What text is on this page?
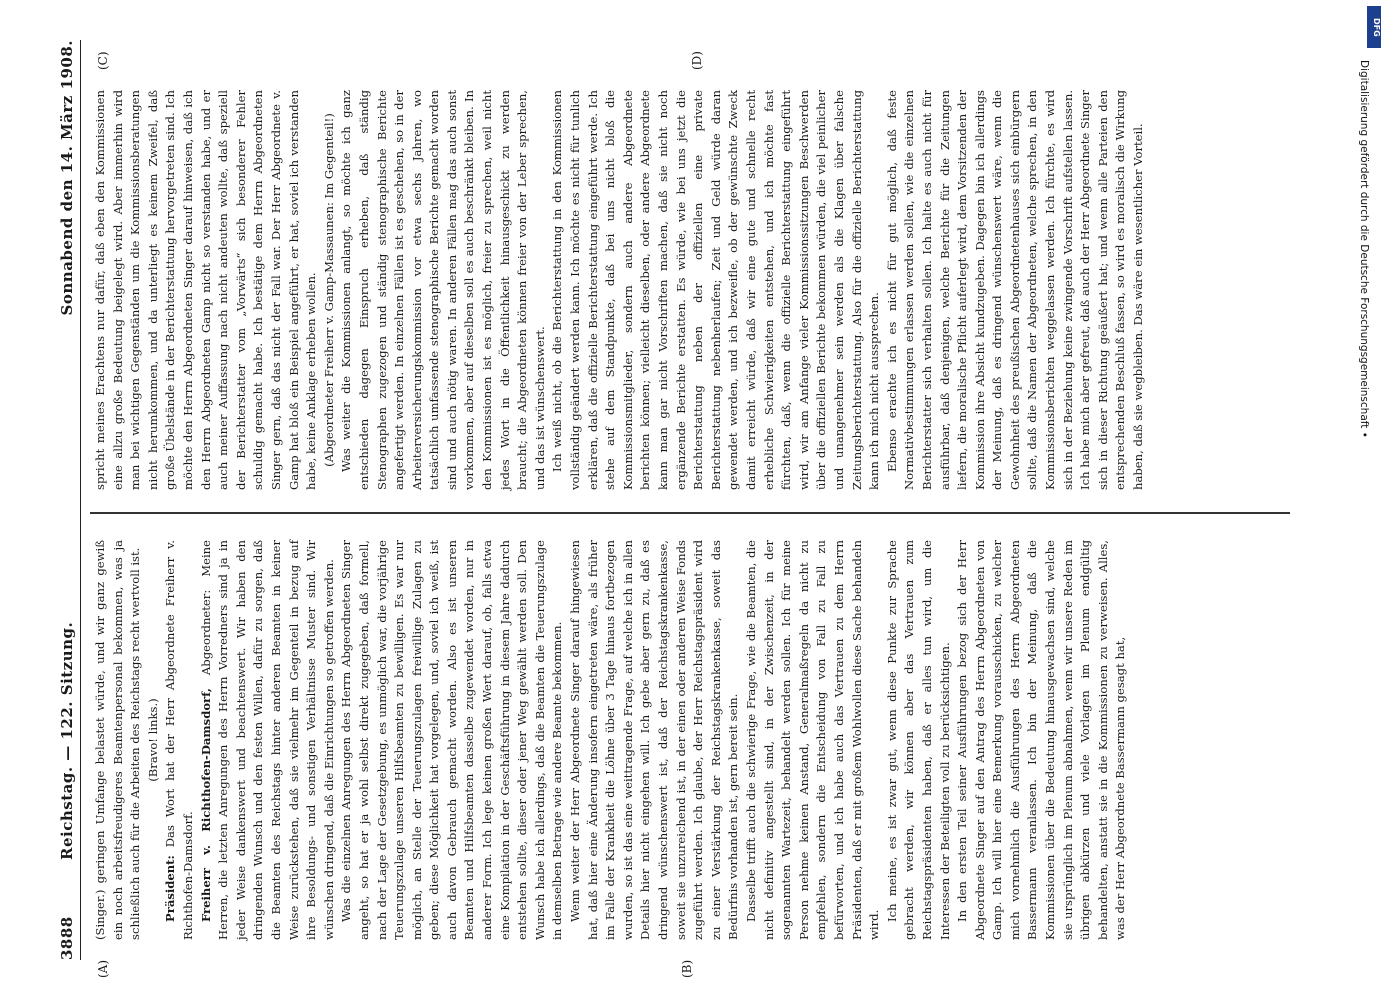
3888
Reichstag. — 122. Sitzung.
Sonnabend den 14. März 1908.
(A)	(B)
(C)	(D)

(Singer.) geringen Umfange belastet würde, und wir ganz gewiß ein noch arbeitsfreudigeres Beamtenpersonal bekommen, was ja schließlich auch für die Arbeiten des Reichstags recht wertvoll ist. (Bravo! links.)

Präsident: Das Wort hat der Herr Abgeordnete Freiherr v. Richthofen-Damsdorf. Freiherr v. Richthofen-Damsdorf, Abgeordneter: Meine Herren, die letzten Anregungen des Herrn Vorredners sind ja in jeder Weise dankenswert und beachtenswert. Wir haben den dringenden Wunsch und den festen Willen, dafür zu sorgen, daß die Beamten des Reichstags hinter anderen Beamten in keiner Weise zurückstehen, daß sie vielmehr im Gegenteil in bezug auf ihre Besoldungs- und sonstigen Verhältnisse Muster sind. Wir wünschen dringend, daß die Einrichtungen so getroffen werden. Was die einzelnen Anregungen des Herrn Abgeordneten Singer angeht, so hat er ja wohl selbst direkt zugegeben, daß formell, nach der Lage der Gesetzgebung, es unmöglich war, die vorjährige Teuerungszulage unseren Hilfsbeamten zu bewilligen. Es war nur möglich, an Stelle der Teuerungszulagen freiwillige Zulagen zu geben; diese Möglichkeit hat vorgelegen, und, soviel ich weiß, ist auch davon Gebrauch gemacht worden. Also es ist unseren Beamten und Hilfsbeamten dasselbe zugewendet worden, nur in anderer Form. Ich lege keinen großen Wert darauf, ob, falls etwa eine Kompilation in der Geschäftsführung in diesem Jahre dadurch entstehen sollte, dieser oder jener Weg gewählt werden soll. Den Wunsch habe ich allerdings, daß die Beamten die Teuerungszulage in demselben Betrage wie andere Beamte bekommen. Wenn weiter der Herr Abgeordnete Singer darauf hingewiesen hat, daß hier eine Änderung insofern eingetreten wäre, als früher im Falle der Krankheit die Löhne über 3 Tage hinaus fortbezogen wurden, so ist das eine weittragende Frage, auf welche ich in allen Details hier nicht eingehen will. Ich gebe aber gern zu, daß es dringend wünschenswert ist, daß der Reichstagskrankenkasse, soweit sie unzureichend ist, in der einen oder anderen Weise Fonds zugeführt werden. Ich glaube, der Herr Reichstagspräsident wird zu einer Verstärkung der Reichstagskrankenkasse, soweit das Bedürfnis vorhanden ist, gern bereit sein. Dasselbe trifft auch die schwierige Frage, wie die Beamten, die nicht definitiv angestellt sind, in der Zwischenzeit, in der sogenannten Wartezeit, behandelt werden sollen. Ich für meine Person nehme keinen Anstand, Generalmaßregeln da nicht zu empfehlen, sondern die Entscheidung von Fall zu Fall zu befürworten, und ich habe auch das Vertrauen zu dem Herrn Präsidenten, daß er mit großem Wohlwollen diese Sache behandeln wird.

Ich meine, es ist zwar gut, wenn diese Punkte zur Sprache gebracht werden, wir können aber das Vertrauen zum Reichstagspräsidenten haben, daß er alles tun wird, um die Interessen der Beteiligten voll zu berücksichtigen. In den ersten Teil seiner Ausführungen bezog sich der Herr Abgeordnete Singer auf den Antrag des Herrn Abgeordneten von Gamp. Ich will hier eine Bemerkung vorausschicken, zu welcher mich vornehmlich die Ausführungen des Herrn Abgeordneten Bassermann veranlassen. Ich bin der Meinung, daß die Kommissionen über die Bedeutung hinausgewachsen sind, welche sie ursprünglich im Plenum abnahmen, wenn wir unsere Reden im übrigen abkürzen und viele Vorlagen im Plenum endgültig behandelten, anstatt sie in die Kommissionen zu verweisen. Alles, was der Herr Abgeordnete Bassermann gesagt hat,

spricht meines Erachtens nur dafür, daß eben den Kommissionen eine allzu große Bedeutung beigelegt wird. Aber immerhin wird man bei wichtigen Gegenständen um die Kommissionsberatungen nicht herumkommen, und da unterliegt es keinem Zweifel, daß große Übelstände in der Berichterstattung hervorgetreten sind. Ich möchte den Herrn Abgeordneten Singer darauf hinweisen, daß ich den Herrn Abgeordneten Gamp nicht so verstanden habe, und er auch meiner Auffassung nach nicht andeuten wollte, daß speziell der Berichterstatter vom „Vorwärts“ sich besonderer Fehler schuldig gemacht habe. Ich bestätige dem Herrn Abgeordneten Singer gern, daß das nicht der Fall war. Der Herr Abgeordnete v. Gamp hat bloß ein Beispiel angeführt, er hat, soviel ich verstanden habe, keine Anklage erheben wollen. (Abgeordneter Freiherr v. Gamp-Massaunen: Im Gegenteil!) Was weiter die Kommissionen anlangt, so möchte ich ganz entschieden dagegen Einspruch erheben, daß ständig Stenographen zugezogen und ständig stenographische Berichte angefertigt werden. In einzelnen Fällen ist es geschehen, so in der Arbeiterversicherungskommission vor etwa sechs Jahren, wo tatsächlich umfassende stenographische Berichte gemacht worden sind und auch nötig waren. In anderen Fällen mag das auch sonst vorkommen, aber auf dieselben soll es auch beschränkt bleiben. In den Kommissionen ist es möglich, freier zu sprechen, weil nicht jedes Wort in die Öffentlichkeit hinausgeschickt zu werden braucht; die Abgeordneten können freier von der Leber sprechen, und das ist wünschenswert. Ich weiß nicht, ob die Berichterstattung in den Kommissionen vollständig geändert werden kann. Ich möchte es nicht für tunlich erklären, daß die offizielle Berichterstattung eingeführt werde. Ich stehe auf dem Standpunkte, daß bei uns nicht bloß die Kommissionsmitglieder, sondern auch andere Abgeordnete berichten können; vielleicht dieselben, oder andere Abgeordnete kann man gar nicht Vorschriften machen, daß sie nicht noch ergänzende Berichte erstatten. Es würde, wie bei uns jetzt die Berichterstattung neben der offiziellen eine private Berichterstattung nebenherlaufen; Zeit und Geld würde daran gewendet werden, und ich bezweifle, ob der gewünschte Zweck damit erreicht würde, daß wir eine gute und schnelle recht erhebliche Schwierigkeiten entstehen, und ich möchte fast fürchten, daß, wenn die offizielle Berichterstattung eingeführt wird, wir am Anfange vieler Kommissionssitzungen Beschwerden über die offiziellen Berichte bekommen würden, die viel peinlicher und unangenehmer sein werden als die Klagen über falsche Zeitungsberichterstattung. Also für die offizielle Berichterstattung kann ich mich nicht aussprechen. Ebenso erachte ich es nicht für gut möglich, daß feste Normativbestimmungen erlassen werden sollen, wie die einzelnen Berichterstatter sich verhalten sollen. Ich halte es auch nicht für ausführbar, daß denjenigen, welche Berichte für die Zeitungen liefern, die moralische Pflicht auferlegt wird, dem Vorsitzenden der Kommission ihre Absicht kundzugeben. Dagegen bin ich allerdings der Meinung, daß es dringend wünschenswert wäre, wenn die Gewohnheit des preußischen Abgeordnetenhauses sich einbürgern sollte, daß die Namen der Abgeordneten, welche sprechen, in den Kommissionsberichten weggelassen werden. Ich fürchte, es wird sich in der Beziehung keine zwingende Vorschrift aufstellen lassen. Ich habe mich aber gefreut, daß auch der Herr Abgeordnete Singer sich in dieser Richtung geäußert hat; und wenn alle Parteien den entsprechenden Beschluß fassen, so wird es moralisch die Wirkung haben, daß sie wegbleiben. Das wäre ein wesentlicher Vorteil.

DFG
Digitalisierung gefördert durch die Deutsche Forschungsgemeinschaft •
